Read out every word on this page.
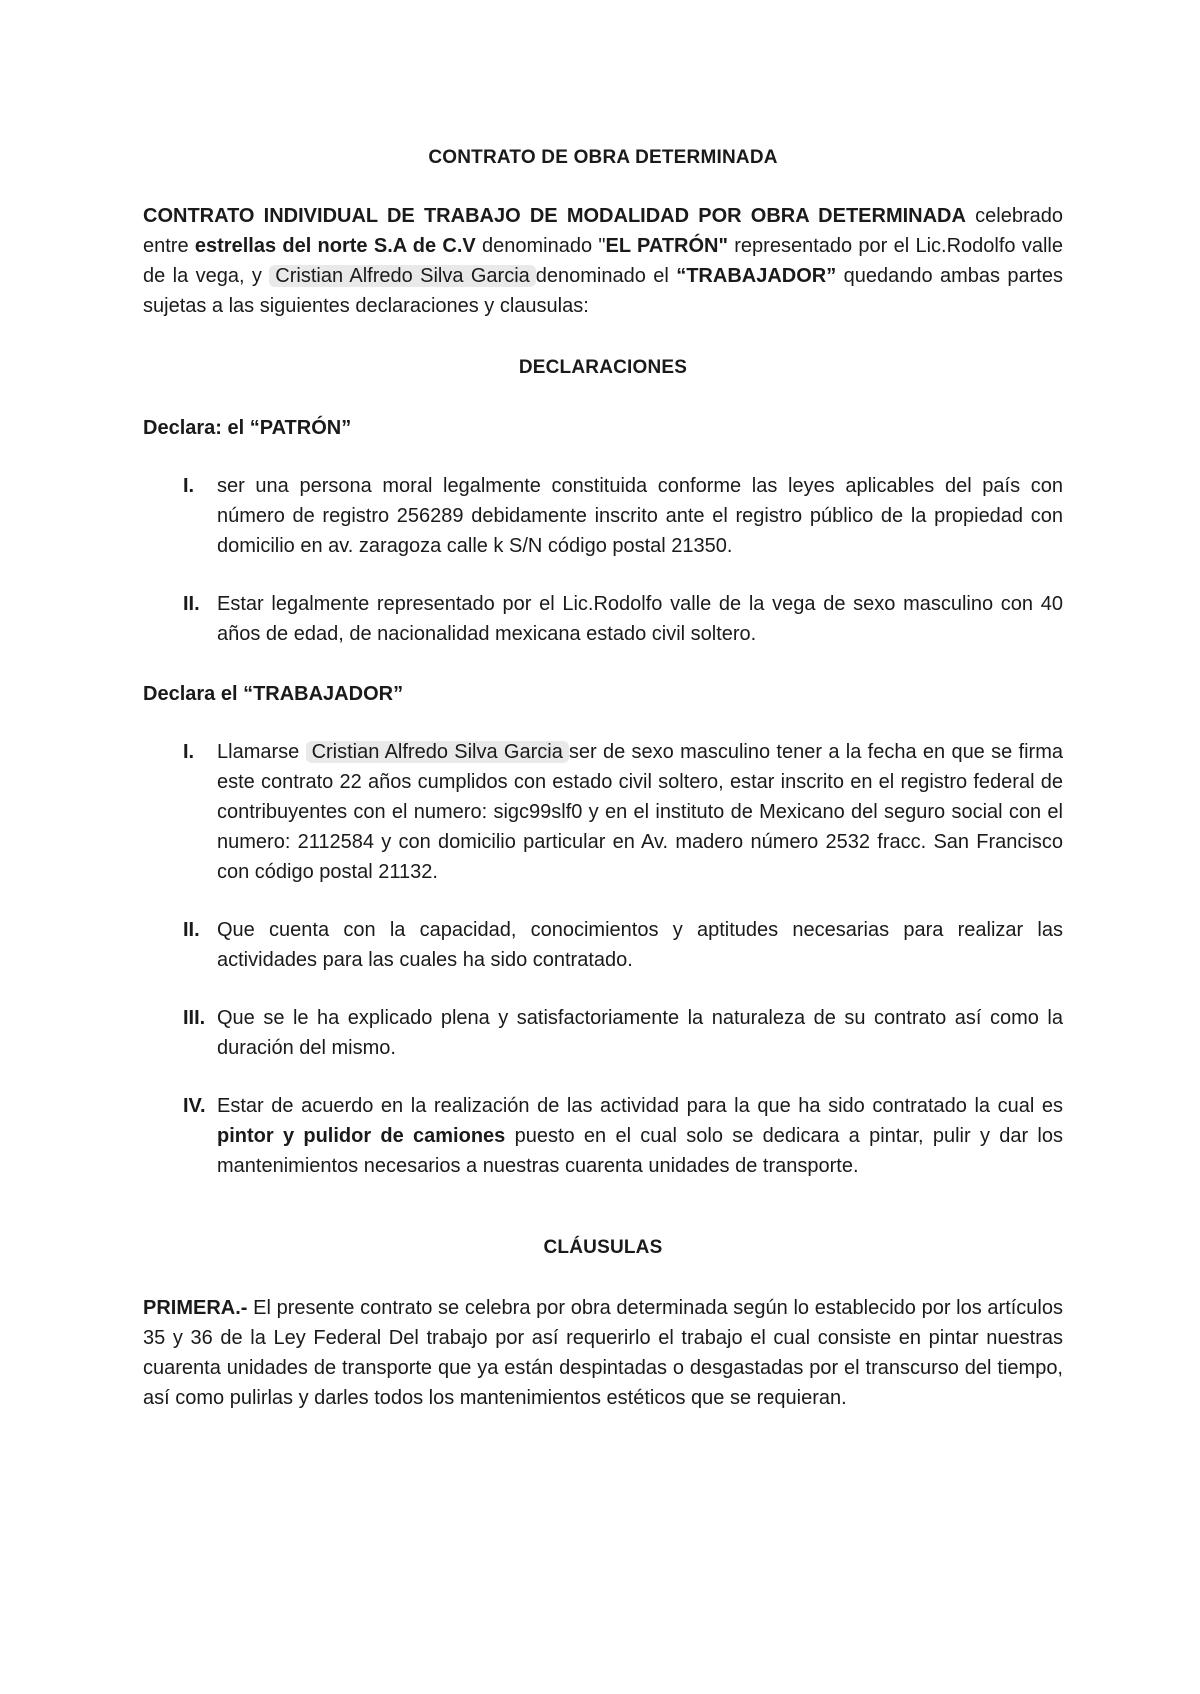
CONTRATO DE OBRA DETERMINADA

CONTRATO INDIVIDUAL DE TRABAJO DE MODALIDAD POR OBRA DETERMINADA celebrado entre estrellas del norte S.A de C.V denominado "EL PATRÓN" representado por el Lic.Rodolfo valle de la vega, y Cristian Alfredo Silva Garcia denominado el “TRABAJADOR” quedando ambas partes sujetas a las siguientes declaraciones y clausulas:

DECLARACIONES
Declara: el “PATRÓN”
I.	ser una persona moral legalmente constituida conforme las leyes aplicables del país con número de registro 256289 debidamente inscrito ante el registro público de la propiedad con domicilio en av. zaragoza calle k S/N código postal 21350.
II. Estar legalmente representado por el Lic.Rodolfo valle de la vega de sexo masculino con 40 años de edad, de nacionalidad mexicana estado civil soltero.
Declara el “TRABAJADOR”
I.	Llamarse Cristian Alfredo Silva Garcia ser de sexo masculino tener a la fecha en que se firma este contrato 22 años cumplidos con estado civil soltero, estar inscrito en el registro federal de contribuyentes con el numero: sigc99slf0 y en el instituto de Mexicano del seguro social con el numero: 2112584 y con domicilio particular en Av. madero número 2532 fracc. San Francisco con código postal 21132.
II. Que cuenta con la capacidad, conocimientos y aptitudes necesarias para realizar las actividades para las cuales ha sido contratado.
III. Que se le ha explicado plena y satisfactoriamente la naturaleza de su contrato así como la duración del mismo.
IV. Estar de acuerdo en la realización de las actividad para la que ha sido contratado la cual es pintor y pulidor de camiones puesto en el cual solo se dedicara a pintar, pulir y dar los mantenimientos necesarios a nuestras cuarenta unidades de transporte.
CLÁUSULAS

PRIMERA.- El presente contrato se celebra por obra determinada según lo establecido por los artículos 35 y 36 de la Ley Federal Del trabajo por así requerirlo el trabajo el cual consiste en pintar nuestras cuarenta unidades de transporte que ya están despintadas o desgastadas por el transcurso del tiempo, así como pulirlas y darles todos los mantenimientos estéticos que se requieran.
